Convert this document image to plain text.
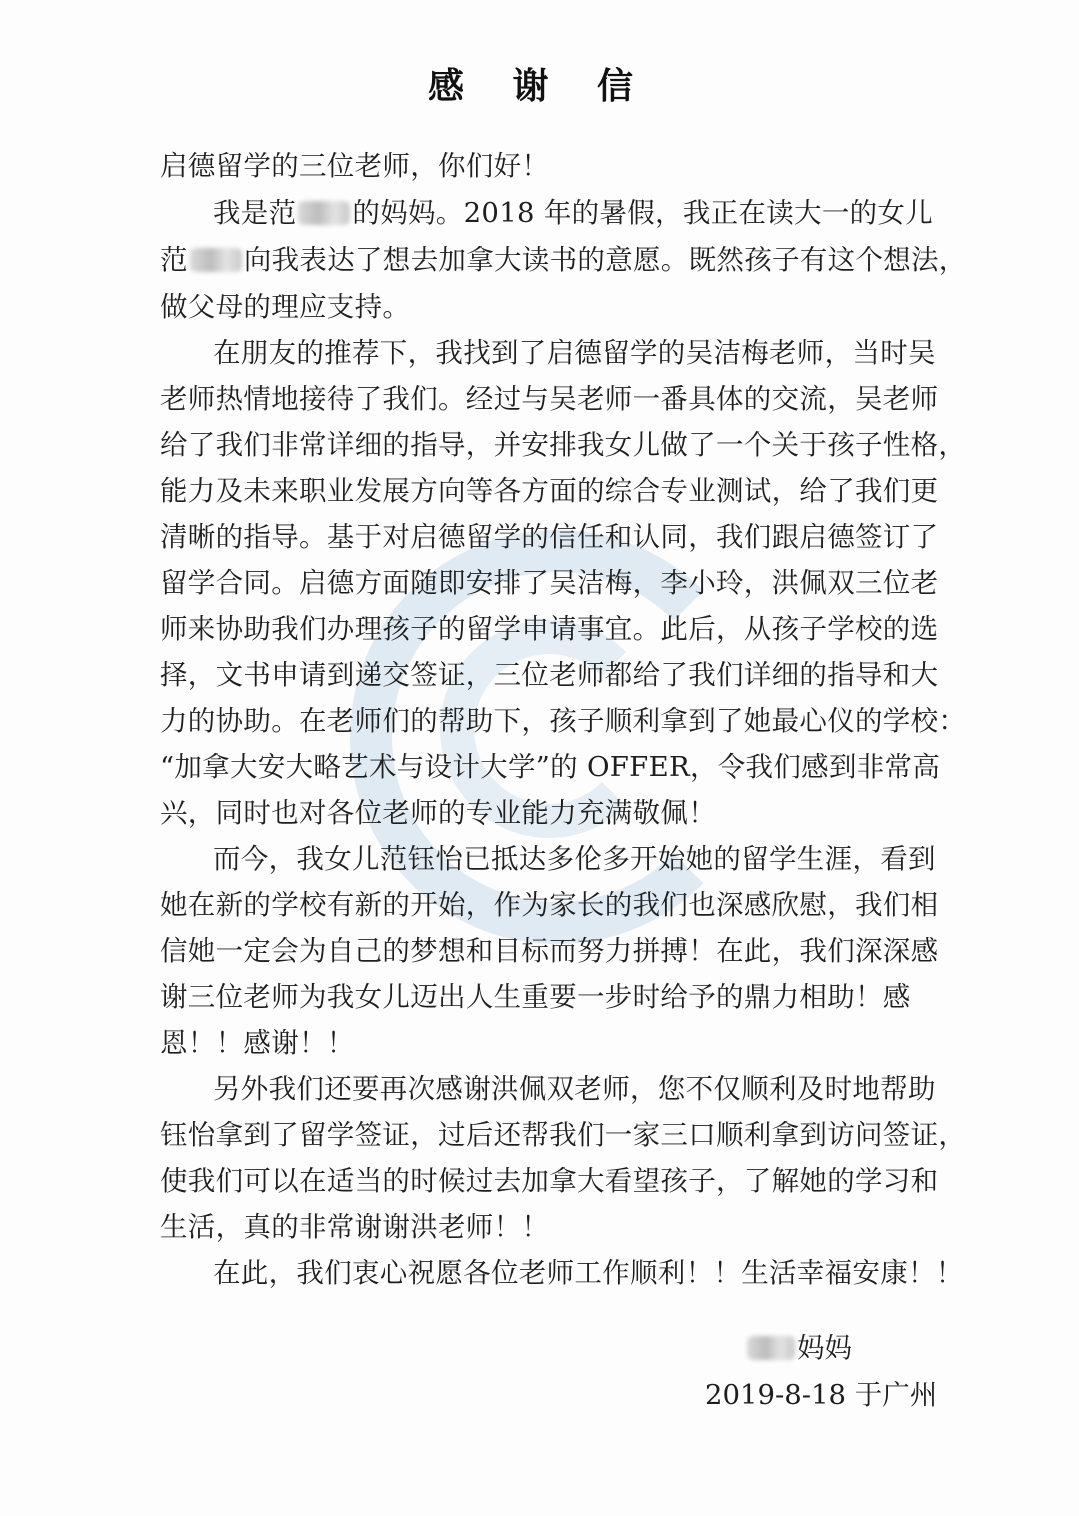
感 谢 信
启德留学的三位老师，你们好！
我是范 的妈妈。2018 年的暑假，我正在读大一的女儿
范 向我表达了想去加拿大读书的意愿。既然孩子有这个想法，
做父母的理应支持。
在朋友的推荐下，我找到了启德留学的吴洁梅老师，当时吴
老师热情地接待了我们。经过与吴老师一番具体的交流，吴老师
给了我们非常详细的指导，并安排我女儿做了一个关于孩子性格，
能力及未来职业发展方向等各方面的综合专业测试，给了我们更
清晰的指导。基于对启德留学的信任和认同，我们跟启德签订了
留学合同。启德方面随即安排了吴洁梅，李小玲，洪佩双三位老
师来协助我们办理孩子的留学申请事宜。此后，从孩子学校的选
择，文书申请到递交签证，三位老师都给了我们详细的指导和大
力的协助。在老师们的帮助下，孩子顺利拿到了她最心仪的学校：
“加拿大安大略艺术与设计大学”的 OFFER，令我们感到非常高
兴，同时也对各位老师的专业能力充满敬佩！
而今，我女儿范钰怡已抵达多伦多开始她的留学生涯，看到
她在新的学校有新的开始，作为家长的我们也深感欣慰，我们相
信她一定会为自己的梦想和目标而努力拼搏！在此，我们深深感
谢三位老师为我女儿迈出人生重要一步时给予的鼎力相助！感
恩！！感谢！！
另外我们还要再次感谢洪佩双老师，您不仅顺利及时地帮助
钰怡拿到了留学签证，过后还帮我们一家三口顺利拿到访问签证，
使我们可以在适当的时候过去加拿大看望孩子，了解她的学习和
生活，真的非常谢谢洪老师！！
在此，我们衷心祝愿各位老师工作顺利！！生活幸福安康！！
妈妈
2019-8-18 于广州
